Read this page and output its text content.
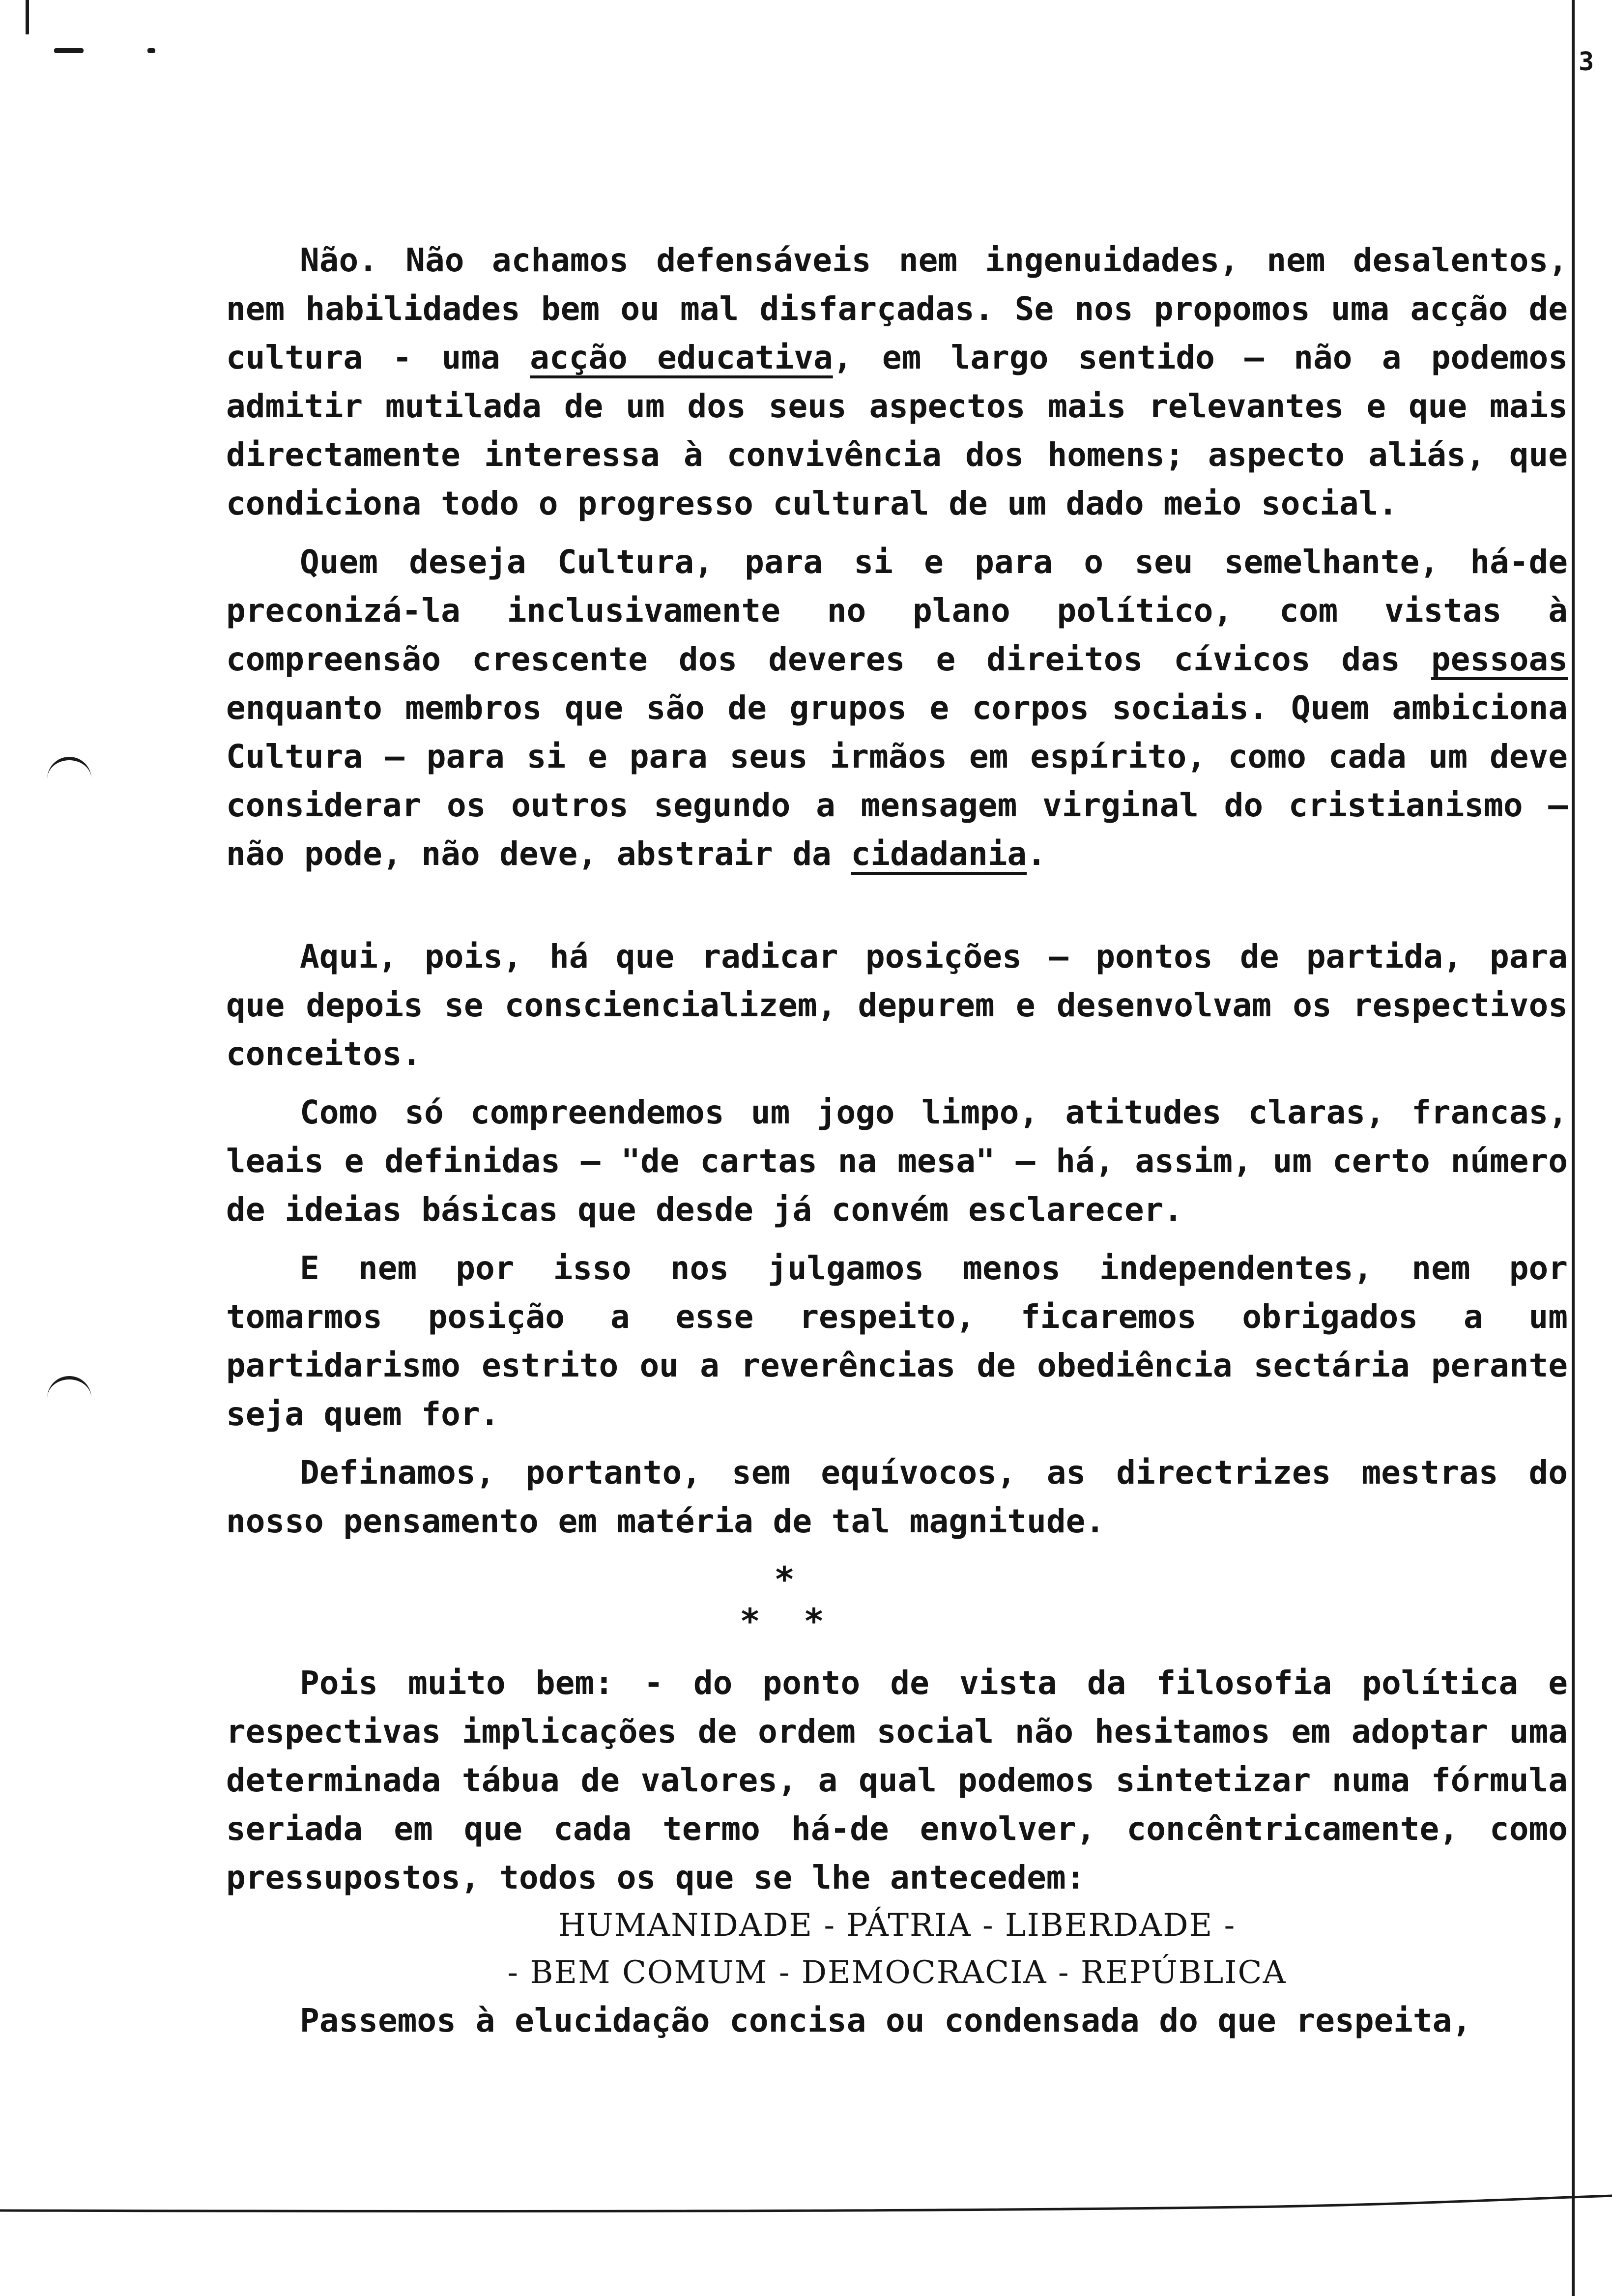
3

Não. Não achamos defensáveis nem ingenuidades, nem desalentos, nem habilidades bem ou mal disfarçadas. Se nos propomos uma acção de cultura - uma acção educativa, em largo sentido — não a podemos admitir mutilada de um dos seus aspectos mais relevantes e que mais directamente interessa à convivência dos homens; aspecto aliás, que condiciona todo o progresso cultural de um dado meio social.

Quem deseja Cultura, para si e para o seu semelhante, há-de preconizá-la inclusivamente no plano político, com vistas à compreensão crescente dos deveres e direitos cívicos das pessoas enquanto membros que são de grupos e corpos sociais. Quem ambiciona Cultura — para si e para seus irmãos em espírito, como cada um deve considerar os outros segundo a mensagem virginal do cristianismo — não pode, não deve, abstrair da cidadania.

Aqui, pois, há que radicar posições — pontos de partida, para que depois se consciencializem, depurem e desenvolvam os respectivos conceitos.

Como só compreendemos um jogo limpo, atitudes claras, francas, leais e definidas — "de cartas na mesa" — há, assim, um certo número de ideias básicas que desde já convém esclarecer.

E nem por isso nos julgamos menos independentes, nem por tomarmos posição a esse respeito, ficaremos obrigados a um partidarismo estrito ou a reverências de obediência sectária perante seja quem for.

Definamos, portanto, sem equívocos, as directrizes mestras do nosso pensamento em matéria de tal magnitude.

*
* *

Pois muito bem: - do ponto de vista da filosofia política e respectivas implicações de ordem social não hesitamos em adoptar uma determinada tábua de valores, a qual podemos sintetizar numa fórmula seriada em que cada termo há-de envolver, concêntricamente, como pressupostos, todos os que se lhe antecedem:

HUMANIDADE - PÁTRIA - LIBERDADE -
- BEM COMUM - DEMOCRACIA - REPÚBLICA

Passemos à elucidação concisa ou condensada do que respeita,
